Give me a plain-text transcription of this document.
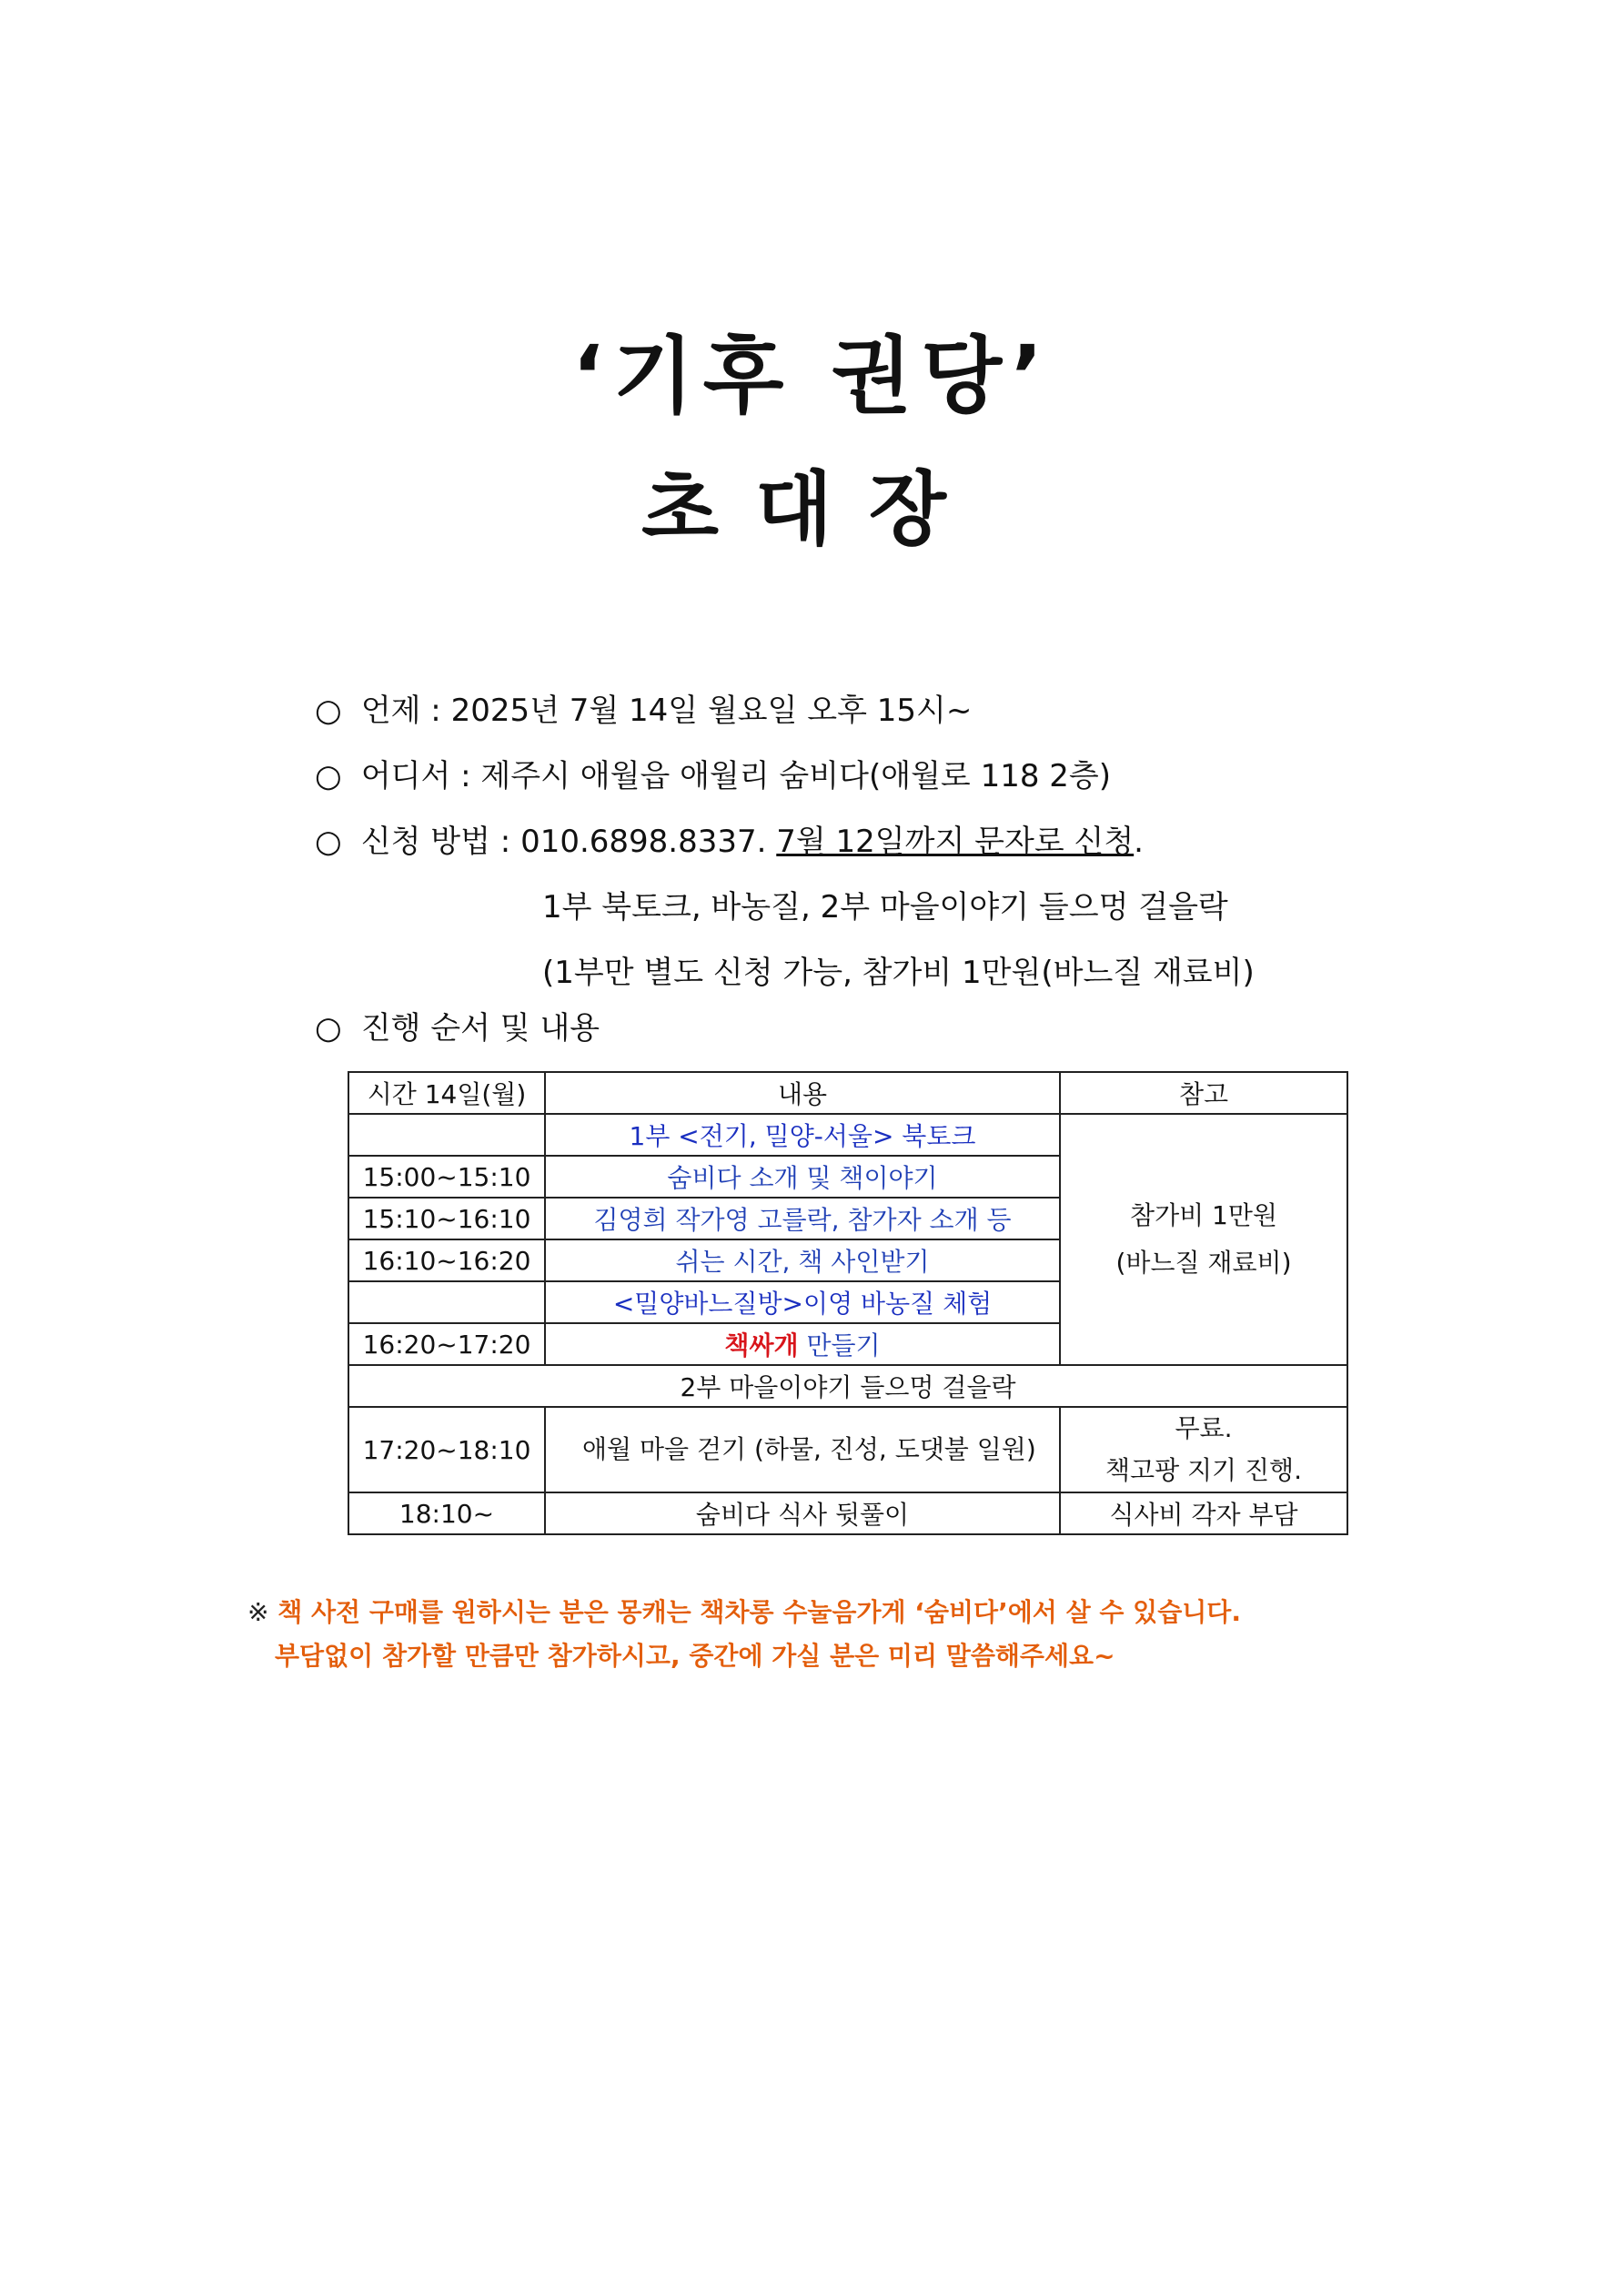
‘기후 권당’
초대장
○ 언제 : 2025년 7월 14일 월요일 오후 15시~
○ 어디서 : 제주시 애월읍 애월리 숨비다(애월로 118 2층)
○ 신청 방법 : 010.6898.8337. 7월 12일까지 문자로 신청.
1부 북토크, 바농질, 2부 마을이야기 들으멍 걸을락
(1부만 별도 신청 가능, 참가비 1만원(바느질 재료비)
○ 진행 순서 및 내용
시간 14일(월)	내용	참고
	1부 <전기, 밀양-서울> 북토크	참가비 1만원
(바느질 재료비)

15:00~15:10	숨비다 소개 및 책이야기	
15:10~16:10	김영희 작가영 고를락, 참가자 소개 등	
16:10~16:20	쉬는 시간, 책 사인받기	
	<밀양바느질방>이영 바농질 체험	
16:20~17:20	책싸개 만들기	
2부 마을이야기 들으멍 걸을락		
17:20~18:10	애월 마을 걷기 (하물, 진성, 도댓불 일원)	무료.
책고팡 지기 진행.

18:10~	숨비다 식사 뒷풀이	식사비 각자 부담
※ 책 사전 구매를 원하시는 분은 몽캐는 책차롱 수눌음가게 ‘숨비다’에서 살 수 있습니다.
부담없이 참가할 만큼만 참가하시고, 중간에 가실 분은 미리 말씀해주세요~
